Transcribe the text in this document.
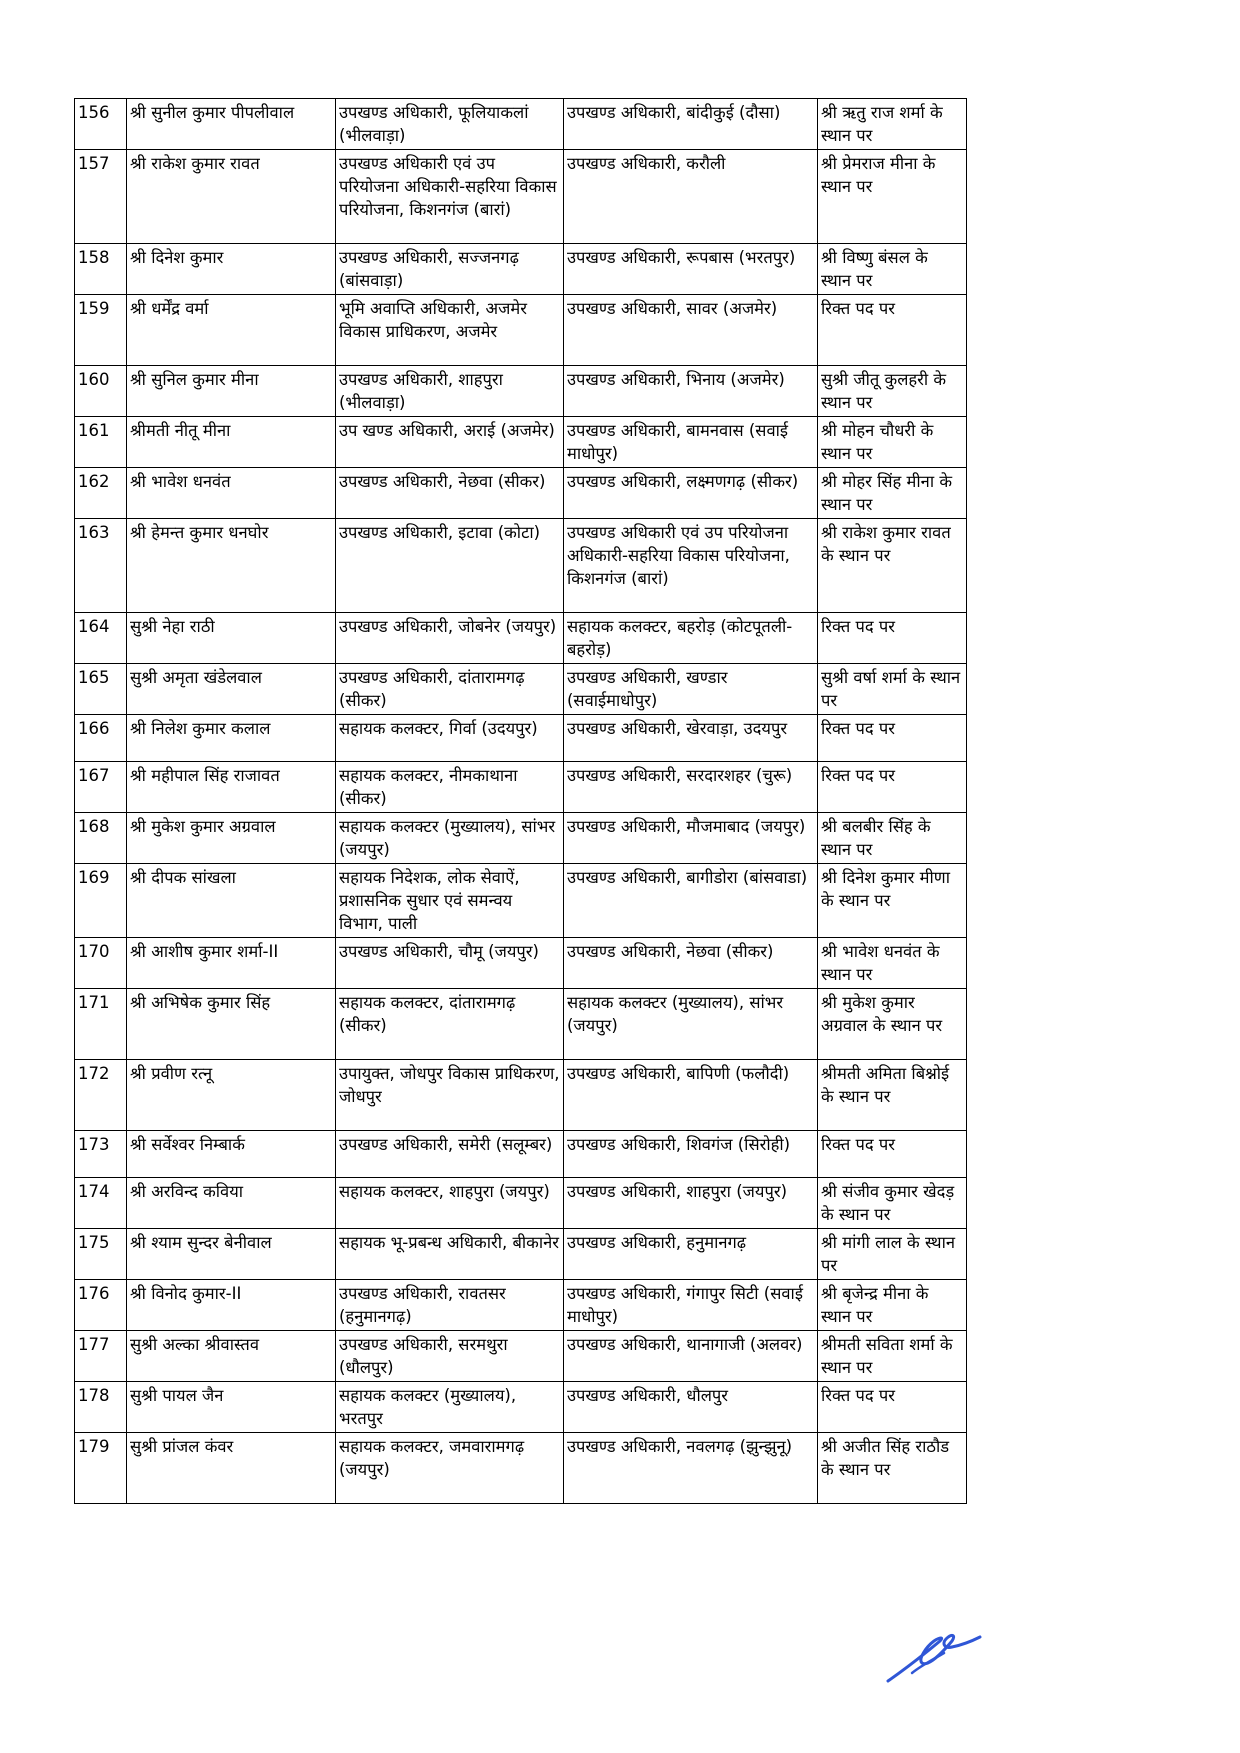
156	श्री सुनील कुमार पीपलीवाल	उपखण्ड अधिकारी, फूलियाकलां (भीलवाड़ा)	उपखण्ड अधिकारी, बांदीकुई (दौसा)	श्री ऋतु राज शर्मा के स्थान पर
157	श्री राकेश कुमार रावत	उपखण्ड अधिकारी एवं उप परियोजना अधिकारी-सहरिया विकास परियोजना, किशनगंज (बारां)	उपखण्ड अधिकारी, करौली	श्री प्रेमराज मीना के स्थान पर
158	श्री दिनेश कुमार	उपखण्ड अधिकारी, सज्जनगढ़ (बांसवाड़ा)	उपखण्ड अधिकारी, रूपबास (भरतपुर)	श्री विष्णु बंसल के स्थान पर
159	श्री धर्मेंद्र वर्मा	भूमि अवाप्ति अधिकारी, अजमेर विकास प्राधिकरण, अजमेर	उपखण्ड अधिकारी, सावर (अजमेर)	रिक्त पद पर
160	श्री सुनिल कुमार मीना	उपखण्ड अधिकारी, शाहपुरा (भीलवाड़ा)	उपखण्ड अधिकारी, भिनाय (अजमेर)	सुश्री जीतू कुलहरी के स्थान पर
161	श्रीमती नीतू मीना	उप खण्ड अधिकारी, अराई (अजमेर)	उपखण्ड अधिकारी, बामनवास (सवाई माधोपुर)	श्री मोहन चौधरी के स्थान पर
162	श्री भावेश धनवंत	उपखण्ड अधिकारी, नेछवा (सीकर)	उपखण्ड अधिकारी, लक्ष्मणगढ़ (सीकर)	श्री मोहर सिंह मीना के स्थान पर
163	श्री हेमन्त कुमार धनघोर	उपखण्ड अधिकारी, इटावा (कोटा)	उपखण्ड अधिकारी एवं उप परियोजना अधिकारी-सहरिया विकास परियोजना, किशनगंज (बारां)	श्री राकेश कुमार रावत के स्थान पर
164	सुश्री नेहा राठी	उपखण्ड अधिकारी, जोबनेर (जयपुर)	सहायक कलक्टर, बहरोड़ (कोटपूतली-बहरोड़)	रिक्त पद पर
165	सुश्री अमृता खंडेलवाल	उपखण्ड अधिकारी, दांतारामगढ़ (सीकर)	उपखण्ड अधिकारी, खण्डार (सवाईमाधोपुर)	सुश्री वर्षा शर्मा के स्थान पर
166	श्री निलेश कुमार कलाल	सहायक कलक्टर, गिर्वा (उदयपुर)	उपखण्ड अधिकारी, खेरवाड़ा, उदयपुर	रिक्त पद पर
167	श्री महीपाल सिंह राजावत	सहायक कलक्टर, नीमकाथाना (सीकर)	उपखण्ड अधिकारी, सरदारशहर (चुरू)	रिक्त पद पर
168	श्री मुकेश कुमार अग्रवाल	सहायक कलक्टर (मुख्यालय), सांभर (जयपुर)	उपखण्ड अधिकारी, मौजमाबाद (जयपुर)	श्री बलबीर सिंह के स्थान पर
169	श्री दीपक सांखला	सहायक निदेशक, लोक सेवाऐं, प्रशासनिक सुधार एवं समन्वय विभाग, पाली	उपखण्ड अधिकारी, बागीडोरा (बांसवाडा)	श्री दिनेश कुमार मीणा के स्थान पर
170	श्री आशीष कुमार शर्मा-II	उपखण्ड अधिकारी, चौमू (जयपुर)	उपखण्ड अधिकारी, नेछवा (सीकर)	श्री भावेश धनवंत के स्थान पर
171	श्री अभिषेक कुमार सिंह	सहायक कलक्टर, दांतारामगढ़ (सीकर)	सहायक कलक्टर (मुख्यालय), सांभर (जयपुर)	श्री मुकेश कुमार अग्रवाल के स्थान पर
172	श्री प्रवीण रत्नू	उपायुक्त, जोधपुर विकास प्राधिकरण, जोधपुर	उपखण्ड अधिकारी, बापिणी (फलौदी)	श्रीमती अमिता बिश्नोई के स्थान पर
173	श्री सर्वेश्वर निम्बार्क	उपखण्ड अधिकारी, समेरी (सलूम्बर)	उपखण्ड अधिकारी, शिवगंज (सिरोही)	रिक्त पद पर
174	श्री अरविन्द कविया	सहायक कलक्टर, शाहपुरा (जयपुर)	उपखण्ड अधिकारी, शाहपुरा (जयपुर)	श्री संजीव कुमार खेदड़ के स्थान पर
175	श्री श्याम सुन्दर बेनीवाल	सहायक भू-प्रबन्ध अधिकारी, बीकानेर	उपखण्ड अधिकारी, हनुमानगढ़	श्री मांगी लाल के स्थान पर
176	श्री विनोद कुमार-II	उपखण्ड अधिकारी, रावतसर (हनुमानगढ़)	उपखण्ड अधिकारी, गंगापुर सिटी (सवाई माधोपुर)	श्री बृजेन्द्र मीना के स्थान पर
177	सुश्री अल्का श्रीवास्तव	उपखण्ड अधिकारी, सरमथुरा (धौलपुर)	उपखण्ड अधिकारी, थानागाजी (अलवर)	श्रीमती सविता शर्मा के स्थान पर
178	सुश्री पायल जैन	सहायक कलक्टर (मुख्यालय), भरतपुर	उपखण्ड अधिकारी, धौलपुर	रिक्त पद पर
179	सुश्री प्रांजल कंवर	सहायक कलक्टर, जमवारामगढ़ (जयपुर)	उपखण्ड अधिकारी, नवलगढ़ (झुन्झुनू)	श्री अजीत सिंह राठौड के स्थान पर
